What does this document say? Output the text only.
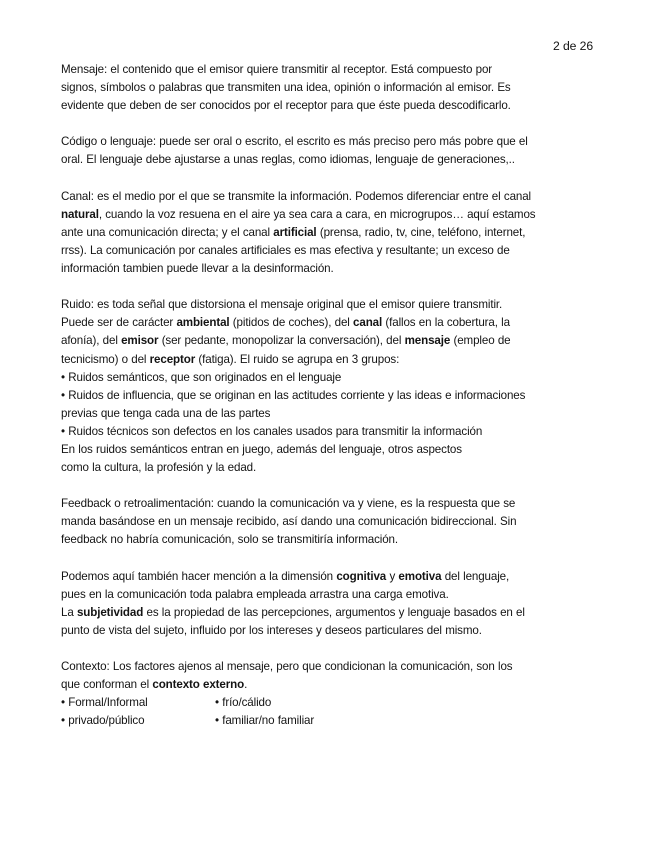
2 de 26

Mensaje: el contenido que el emisor quiere transmitir al receptor. Está compuesto por

signos, símbolos o palabras que transmiten una idea, opinión o información al emisor. Es

evidente que deben de ser conocidos por el receptor para que éste pueda descodificarlo.

Código o lenguaje: puede ser oral o escrito, el escrito es más preciso pero más pobre que el

oral. El lenguaje debe ajustarse a unas reglas, como idiomas, lenguaje de generaciones,..

Canal: es el medio por el que se transmite la información. Podemos diferenciar entre el canal

natural, cuando la voz resuena en el aire ya sea cara a cara, en microgrupos… aquí estamos

ante una comunicación directa; y el canal artificial (prensa, radio, tv, cine, teléfono, internet,

rrss). La comunicación por canales artificiales es mas efectiva y resultante; un exceso de

información tambien puede llevar a la desinformación.

Ruido: es toda señal que distorsiona el mensaje original que el emisor quiere transmitir.

Puede ser de carácter ambiental (pitidos de coches), del canal (fallos en la cobertura, la

afonía), del emisor (ser pedante, monopolizar la conversación), del mensaje (empleo de

tecnicismo) o del receptor (fatiga). El ruido se agrupa en 3 grupos:

• Ruidos semánticos, que son originados en el lenguaje

• Ruidos de influencia, que se originan en las actitudes corriente y las ideas e informaciones

previas que tenga cada una de las partes

• Ruidos técnicos son defectos en los canales usados para transmitir la información

En los ruidos semánticos entran en juego, además del lenguaje, otros aspectos

como la cultura, la profesión y la edad.

Feedback o retroalimentación: cuando la comunicación va y viene, es la respuesta que se

manda basándose en un mensaje recibido, así dando una comunicación bidireccional. Sin

feedback no habría comunicación, solo se transmitiría información.

Podemos aquí también hacer mención a la dimensión cognitiva y emotiva del lenguaje,

pues en la comunicación toda palabra empleada arrastra una carga emotiva.

La subjetividad es la propiedad de las percepciones, argumentos y lenguaje basados en el

punto de vista del sujeto, influido por los intereses y deseos particulares del mismo.

Contexto: Los factores ajenos al mensaje, pero que condicionan la comunicación, son los

que conforman el contexto externo.

• Formal/Informal	• frío/cálido
• privado/público	• familiar/no familiar
